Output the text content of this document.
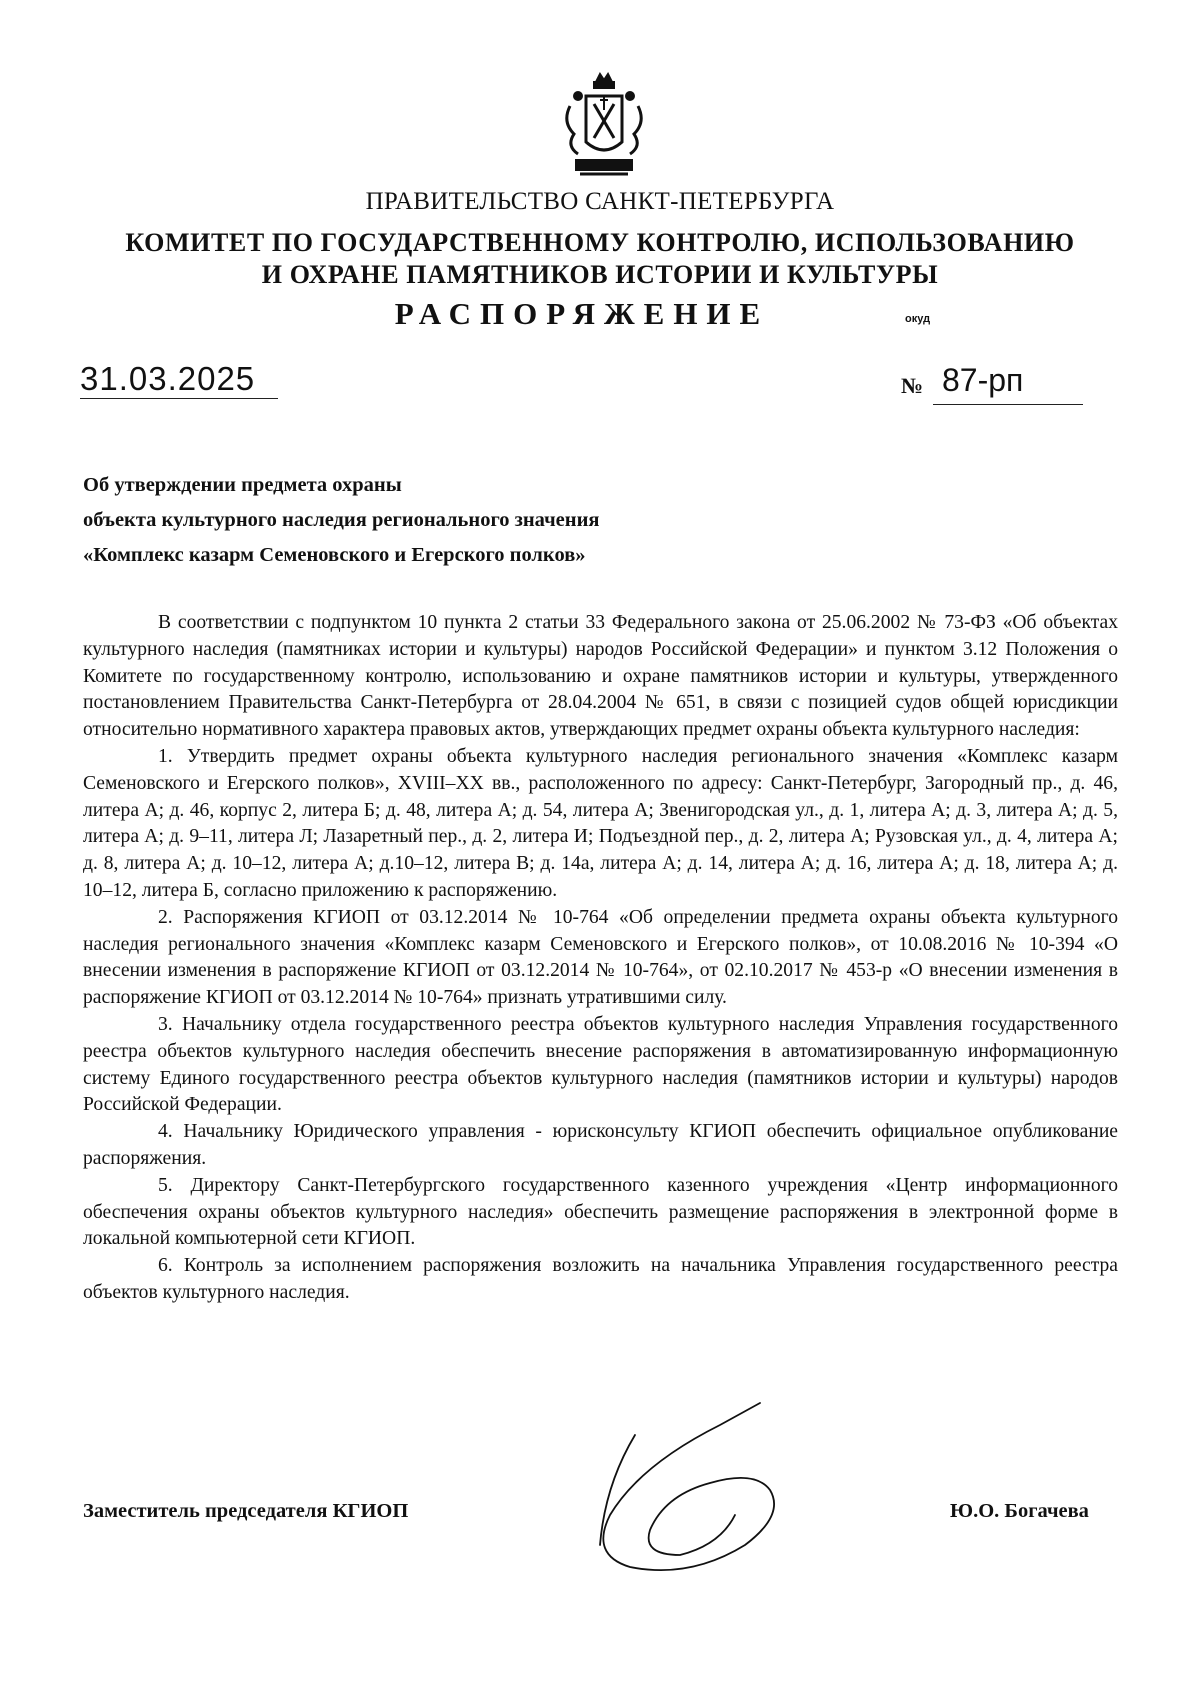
ПРАВИТЕЛЬСТВО САНКТ-ПЕТЕРБУРГА
КОМИТЕТ ПО ГОСУДАРСТВЕННОМУ КОНТРОЛЮ, ИСПОЛЬЗОВАНИЮ
И ОХРАНЕ ПАМЯТНИКОВ ИСТОРИИ И КУЛЬТУРЫ
РАСПОРЯЖЕНИЕ	окуд
31.03.2025	№ 87-рп
Об утверждении предмета охраны
объекта культурного наследия регионального значения
«Комплекс казарм Семеновского и Егерского полков»

В соответствии с подпунктом 10 пункта 2 статьи 33 Федерального закона от 25.06.2002 № 73-ФЗ «Об объектах культурного наследия (памятниках истории и культуры) народов Российской Федерации» и пунктом 3.12 Положения о Комитете по государственному контролю, использованию и охране памятников истории и культуры, утвержденного постановлением Правительства Санкт-Петербурга от 28.04.2004 № 651, в связи с позицией судов общей юрисдикции относительно нормативного характера правовых актов, утверждающих предмет охраны объекта культурного наследия:

1. Утвердить предмет охраны объекта культурного наследия регионального значения «Комплекс казарм Семеновского и Егерского полков», XVIII–XX вв., расположенного по адресу: Санкт-Петербург, Загородный пр., д. 46, литера А; д. 46, корпус 2, литера Б; д. 48, литера А; д. 54, литера А; Звенигородская ул., д. 1, литера А; д. 3, литера А; д. 5, литера А; д. 9–11, литера Л; Лазаретный пер., д. 2, литера И; Подъездной пер., д. 2, литера А; Рузовская ул., д. 4, литера А; д. 8, литера А; д. 10–12, литера А; д.10–12, литера В; д. 14а, литера А; д. 14, литера А; д. 16, литера А; д. 18, литера А; д. 10–12, литера Б, согласно приложению к распоряжению.

2. Распоряжения КГИОП от 03.12.2014 № 10-764 «Об определении предмета охраны объекта культурного наследия регионального значения «Комплекс казарм Семеновского и Егерского полков», от 10.08.2016 № 10-394 «О внесении изменения в распоряжение КГИОП от 03.12.2014 № 10-764», от 02.10.2017 № 453-р «О внесении изменения в распоряжение КГИОП от 03.12.2014 № 10-764» признать утратившими силу.

3. Начальнику отдела государственного реестра объектов культурного наследия Управления государственного реестра объектов культурного наследия обеспечить внесение распоряжения в автоматизированную информационную систему Единого государственного реестра объектов культурного наследия (памятников истории и культуры) народов Российской Федерации.

4. Начальнику Юридического управления - юрисконсульту КГИОП обеспечить официальное опубликование распоряжения.

5. Директору Санкт-Петербургского государственного казенного учреждения «Центр информационного обеспечения охраны объектов культурного наследия» обеспечить размещение распоряжения в электронной форме в локальной компьютерной сети КГИОП.

6. Контроль за исполнением распоряжения возложить на начальника Управления государственного реестра объектов культурного наследия.

Заместитель председателя КГИОП	Ю.О. Богачева
